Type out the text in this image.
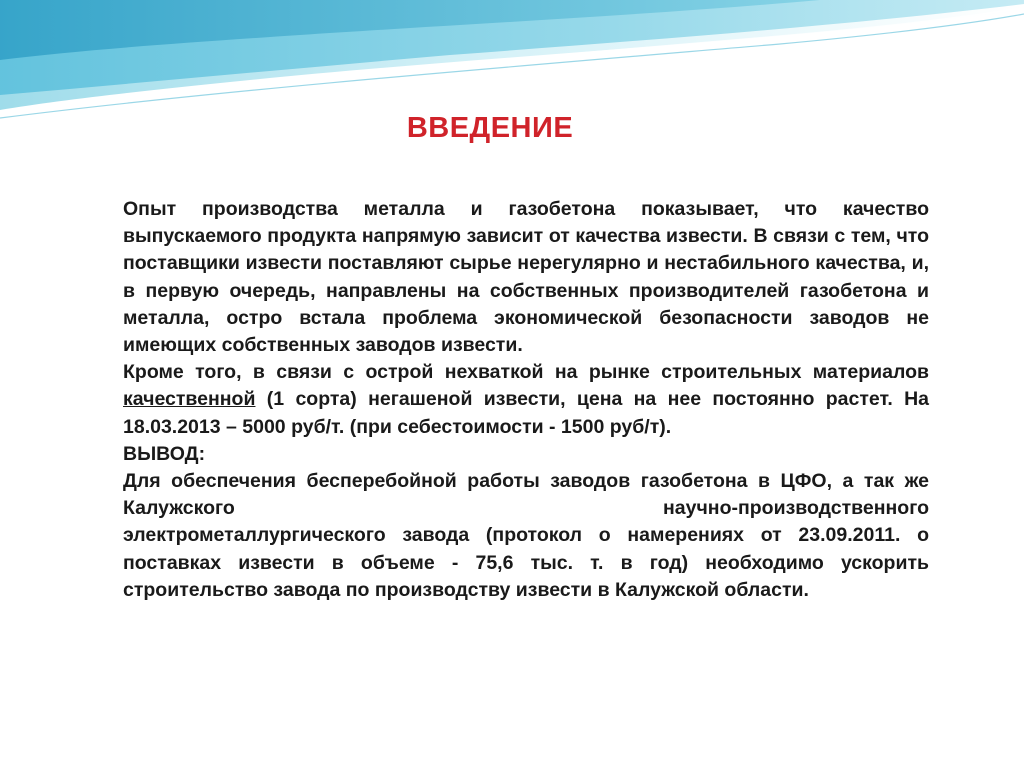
ВВЕДЕНИЕ

Опыт производства металла и газобетона показывает, что качество выпускаемого продукта напрямую зависит от качества извести. В связи с тем, что поставщики извести поставляют сырье нерегулярно и нестабильного качества, и, в первую очередь, направлены на собственных производителей газобетона и металла, остро встала проблема экономической безопасности заводов не имеющих собственных заводов извести.

Кроме того, в связи с острой нехваткой на рынке строительных материалов качественной (1 сорта) негашеной извести, цена на нее постоянно растет. На 18.03.2013 – 5000 руб/т. (при себестоимости - 1500 руб/т).

ВЫВОД:

Для обеспечения бесперебойной работы заводов газобетона в ЦФО, а так же Калужского научно-производственного

электрометаллургического завода (протокол о намерениях от 23.09.2011. о поставках извести в объеме - 75,6 тыс. т. в год) необходимо ускорить строительство завода по производству извести в Калужской области.
